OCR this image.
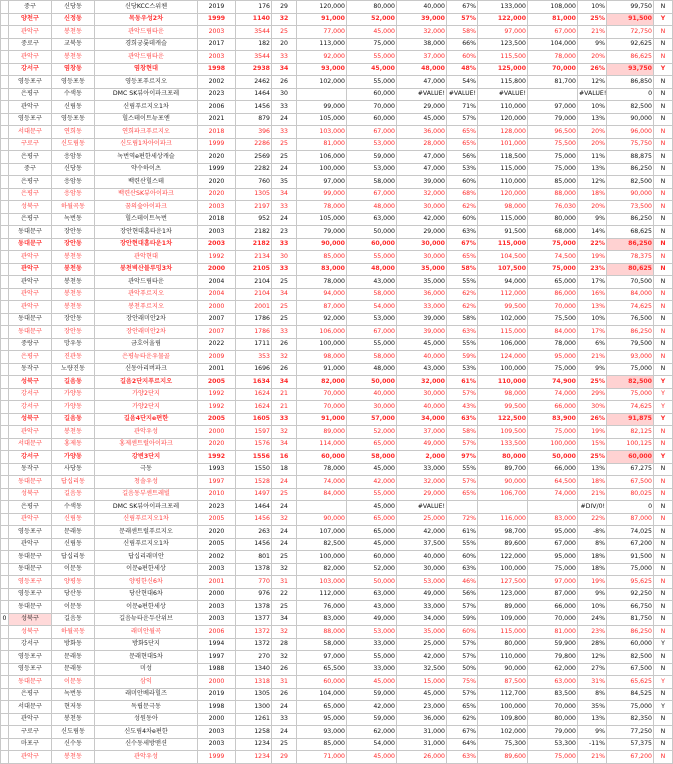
	중구	신당동	신당KCC스위첸	2019	176	29	120,000	80,000	40,000	67%	133,000	108,000	10%	99,750	N
	양천구	신정동	목동우성2차	1999	1140	32	91,000	52,000	39,000	57%	122,000	81,000	25%	91,500	Y
	관악구	봉천동	관악드림타운	2003	3544	25	77,000	45,000	32,000	58%	97,000	67,000	21%	72,750	N
	중로구	교북동	경희궁롯데캐슬	2017	182	20	113,000	75,000	38,000	66%	123,500	104,000	9%	92,625	N
	관악구	봉천동	관악드림타운	2003	3544	33	92,000	55,000	37,000	60%	115,500	78,000	20%	86,625	N
	강서구	염창동	염창현대	1998	2938	34	93,000	45,000	48,000	48%	125,000	70,000	26%	93,750	Y
	영등포구	영등포동	영등포푸르지오	2002	2462	26	102,000	55,000	47,000	54%	115,800	81,700	12%	86,850	N
	은평구	수색동	DMC SK뷰아이파크포레	2023	1464	30		60,000	#VALUE!	#VALUE!	#VALUE!		#VALUE!	0	N
	관악구	신림동	신림푸르지오1차	2006	1456	33	99,000	70,000	29,000	71%	110,000	97,000	10%	82,500	N
	영등포구	영등포동	힐스테이트뉴포엔	2021	879	24	105,000	60,000	45,000	57%	120,000	79,000	13%	90,000	N
	서대문구	연희동	연희파크푸르지오	2018	396	33	103,000	67,000	36,000	65%	128,000	96,500	20%	96,000	N
	구로구	신도림동	신도림1차아이파크	1999	2286	25	81,000	53,000	28,000	65%	101,000	75,500	20%	75,750	N
	은평구	응암동	녹번역e편한세상캐슬	2020	2569	25	106,000	59,000	47,000	56%	118,500	75,000	11%	88,875	N
	중구	신당동	약수하이츠	1999	2282	24	100,000	53,000	47,000	53%	115,000	75,000	13%	86,250	N
	은평구	응암동	백련산힐스테	2020	760	35	97,000	58,000	39,000	60%	110,000	85,000	12%	82,500	N
	은평구	응암동	백련산SK뷰아이파크	2020	1305	34	99,000	67,000	32,000	68%	120,000	88,000	18%	90,000	N
	성북구	하월곡동	꿈의숲아이파크	2003	2197	33	78,000	48,000	30,000	62%	98,000	76,030	20%	73,500	N
	은평구	녹번동	힐스테이트녹번	2018	952	24	105,000	63,000	42,000	60%	115,000	80,000	9%	86,250	N
	동대문구	장안동	장안현대홈타운1차	2003	2182	23	79,000	50,000	29,000	63%	91,500	68,000	14%	68,625	N
	동대문구	장안동	장안현대홈타운1차	2003	2182	33	90,000	60,000	30,000	67%	115,000	75,000	22%	86,250	N
	관악구	봉천동	관악현대	1992	2134	30	85,000	55,000	30,000	65%	104,500	74,500	19%	78,375	N
	관악구	봉천동	봉천벽산블루밍3차	2000	2105	33	83,000	48,000	35,000	58%	107,500	75,000	23%	80,625	N
	관악구	봉천동	관악드림타운	2004	2104	25	78,000	43,000	35,000	55%	94,000	65,000	17%	70,500	N
	관악구	봉천동	관악푸르지오	2004	2104	34	94,000	58,000	36,000	62%	112,000	86,000	16%	84,000	N
	관악구	봉천동	봉천푸르지오	2000	2001	25	87,000	54,000	33,000	62%	99,500	70,000	13%	74,625	N
	동대문구	장안동	장안래미안2차	2007	1786	25	92,000	53,000	39,000	58%	102,000	75,500	10%	76,500	N
	동대문구	장안동	장안래미안2차	2007	1786	33	106,000	67,000	39,000	63%	115,000	84,000	17%	86,250	N
	중랑구	망우동	금호어울림	2022	1711	26	100,000	55,000	45,000	55%	106,000	78,000	6%	79,500	N
	은평구	진관동	은평뉴타운우물골	2009	353	32	98,000	58,000	40,000	59%	124,000	95,000	21%	93,000	N
	동작구	노량진동	신동아리버파크	2001	1696	26	91,000	48,000	43,000	53%	100,000	75,000	9%	75,000	N
	성북구	길음동	길음2단지푸르지오	2005	1634	34	82,000	50,000	32,000	61%	110,000	74,900	25%	82,500	Y
	강서구	가양동	가양2단지	1992	1624	21	70,000	40,000	30,000	57%	98,000	74,000	29%	75,000	Y
	강서구	가양동	가양2단지	1992	1624	21	70,000	30,000	40,000	43%	99,500	66,000	30%	74,625	Y
	성북구	길음동	길음4단지e편한	2005	1605	33	91,000	57,000	34,000	63%	122,500	83,900	26%	91,875	Y
	관악구	봉천동	관악우성	2000	1597	32	89,000	52,000	37,000	58%	109,500	75,000	19%	82,125	N
	서대문구	홍제동	홍제센트럴아이파크	2020	1576	34	114,000	65,000	49,000	57%	133,500	100,000	15%	100,125	N
	강서구	가양동	강변3단지	1992	1556	16	60,000	58,000	2,000	97%	80,000	50,000	25%	60,000	Y
	동작구	사당동	극동	1993	1550	18	78,000	45,000	33,000	55%	89,700	66,000	13%	67,275	N
	동대문구	답십리동	청솔우성	1997	1528	24	74,000	42,000	32,000	57%	90,000	64,500	18%	67,500	N
	성북구	길음동	길음동부센트레빌	2010	1497	25	84,000	55,000	29,000	65%	106,700	74,000	21%	80,025	N
	은평구	수색동	DMC SK뷰아이파크포레	2023	1464	24		45,000	#VALUE!				#DIV/0!	0	N
	관악구	신림동	신림푸르지오1차	2005	1456	32	90,000	65,000	25,000	72%	116,000	83,000	22%	87,000	N
	영등포구	문래동	문래센트럴푸르지오	2020	263	24	107,000	65,000	42,000	61%	98,700	95,000	-8%	74,025	N
	관악구	신림동	신림푸르지오1차	2005	1456	24	82,500	45,000	37,500	55%	89,600	67,000	8%	67,200	N
	동대문구	답십리동	답십리래미안	2002	801	25	100,000	60,000	40,000	60%	122,000	95,000	18%	91,500	N
	동대문구	이문동	이문e편한세상	2003	1378	32	82,000	52,000	30,000	63%	100,000	75,000	18%	75,000	N
	영등포구	양평동	양평한신6차	2001	770	31	103,000	50,000	53,000	46%	127,500	97,000	19%	95,625	N
	영등포구	당산동	당산현대6차	2000	976	22	112,000	63,000	49,000	56%	123,000	87,000	9%	92,250	N
	동대문구	이문동	이문e편한세상	2003	1378	25	76,000	43,000	33,000	57%	89,000	66,000	10%	66,750	N
0	성북구	길음동	길음뉴타운두산위브	2003	1377	34	83,000	49,000	34,000	59%	109,000	70,000	24%	81,750	N
	성북구	하월곡동	래미안월곡	2006	1372	32	88,000	53,000	35,000	60%	115,000	81,000	23%	86,250	N
	강서구	방화동	방화5단지	1994	1372	28	58,000	33,000	25,000	57%	80,000	59,900	28%	60,000	Y
	영등포구	문래동	문래현대5차	1997	270	32	97,000	55,000	42,000	57%	110,000	79,800	12%	82,500	N
	영등포구	문래동	미성	1988	1340	26	65,500	33,000	32,500	50%	90,000	62,000	27%	67,500	N
	동대문구	이문동	삼익	2000	1318	31	60,000	45,000	15,000	75%	87,500	63,000	31%	65,625	Y
	은평구	녹번동	래미안베라힐즈	2019	1305	26	104,000	59,000	45,000	57%	112,700	83,500	8%	84,525	N
	서대문구	현저동	독립문극동	1998	1300	24	65,000	42,000	23,000	65%	100,000	70,000	35%	75,000	Y
	관악구	봉천동	성원동아	2000	1261	33	95,000	59,000	36,000	62%	109,800	80,000	13%	82,350	N
	구로구	신도림동	신도림4차e편한	2003	1258	24	93,000	62,000	31,000	67%	102,000	79,000	9%	77,250	N
	마포구	신수동	신수동세방맨션	2003	1234	25	85,000	54,000	31,000	64%	75,300	53,300	-11%	57,375	N
	관악구	봉천동	관악우성	1999	1234	29	71,000	45,000	26,000	63%	89,600	75,000	21%	67,200	N
